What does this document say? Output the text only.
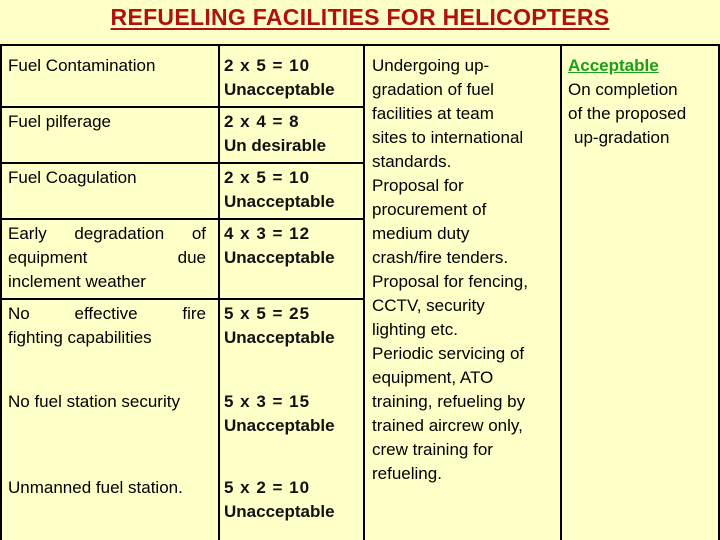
REFUELING FACILITIES FOR HELICOPTERS
Fuel Contamination
Fuel pilferage
Fuel Coagulation
Early degradation of
equipment due
inclement weather
No effective fire
fighting capabilities
No fuel station security
Unmanned fuel station.
2 x 5 = 10
Unacceptable
2 x 4 = 8
Un desirable
2 x 5 = 10
Unacceptable
4 x 3 = 12
Unacceptable
5 x 5 = 25
Unacceptable
5 x 3 = 15
Unacceptable
5 x 2 = 10
Unacceptable
Undergoing up-
gradation of fuel
facilities at team
sites to international
standards.
Proposal for
procurement of
medium duty
crash/fire tenders.
Proposal for fencing,
CCTV, security
lighting etc.
Periodic servicing of
equipment, ATO
training, refueling by
trained aircrew only,
crew training for
refueling.
Acceptable
On completion
of the proposed
up-gradation
